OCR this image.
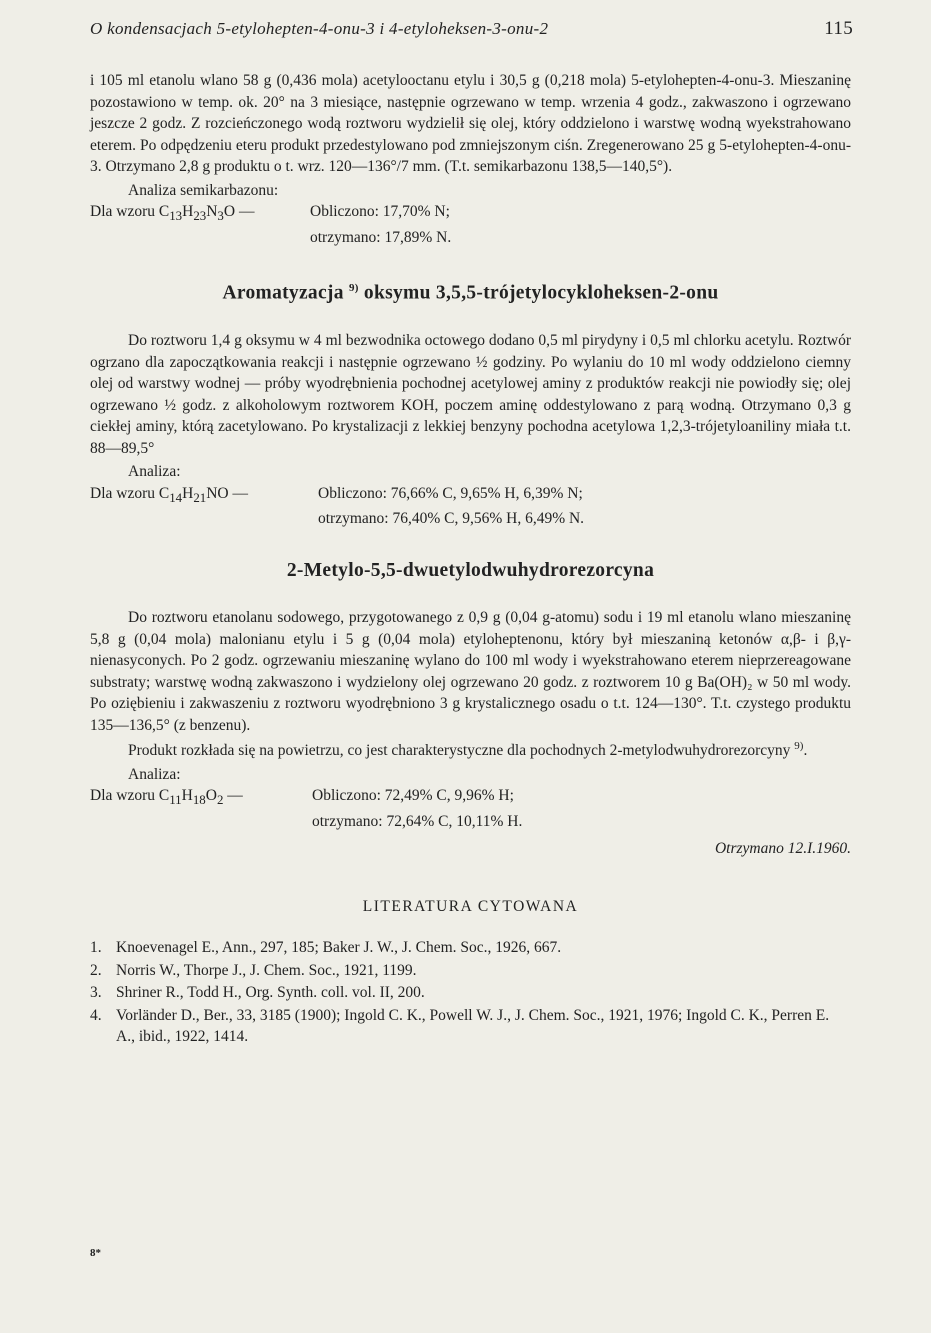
O kondensacjach 5-etylohepten-4-onu-3 i 4-etyloheksen-3-onu-2	115

i 105 ml etanolu wlano 58 g (0,436 mola) acetylooctanu etylu i 30,5 g (0,218 mola) 5-etylohepten-4-onu-3. Mieszaninę pozostawiono w temp. ok. 20° na 3 miesiące, następnie ogrzewano w temp. wrzenia 4 godz., zakwaszono i ogrzewano jeszcze 2 godz. Z rozcieńczonego wodą roztworu wydzielił się olej, który oddzielono i warstwę wodną wyekstrahowano eterem. Po odpędzeniu eteru produkt przedestylowano pod zmniejszonym ciśn. Zregenerowano 25 g 5-etylohepten-4-onu-3. Otrzymano 2,8 g produktu o t. wrz. 120—136°/7 mm. (T.t. semikarbazonu 138,5—140,5°).

Analiza semikarbazonu:
Dla wzoru $C_{13}H_{23}N_3O$ —	Obliczono: 17,70% N;
otrzymano: 17,89% N.
Aromatyzacja $^{9)}$ oksymu 3,5,5-trójetylocykloheksen-2-onu

Do roztworu 1,4 g oksymu w 4 ml bezwodnika octowego dodano 0,5 ml pirydyny i 0,5 ml chlorku acetylu. Roztwór ogrzano dla zapoczątkowania reakcji i następnie ogrzewano ½ godziny. Po wylaniu do 10 ml wody oddzielono ciemny olej od warstwy wodnej — próby wyodrębnienia pochodnej acetylowej aminy z produktów reakcji nie powiodły się; olej ogrzewano ½ godz. z alkoholowym roztworem KOH, poczem aminę oddestylowano z parą wodną. Otrzymano 0,3 g ciekłej aminy, którą zacetylowano. Po krystalizacji z lekkiej benzyny pochodna acetylowa 1,2,3-trójetyloaniliny miała t.t. 88—89,5°

Analiza:
Dla wzoru $C_{14}H_{21}NO$ —	Obliczono: 76,66% C, 9,65% H, 6,39% N;
otrzymano: 76,40% C, 9,56% H, 6,49% N.
2-Metylo-5,5-dwuetylodwuhydrorezorcyna

Do roztworu etanolanu sodowego, przygotowanego z 0,9 g (0,04 g-atomu) sodu i 19 ml etanolu wlano mieszaninę 5,8 g (0,04 mola) malonianu etylu i 5 g (0,04 mola) etyloheptenonu, który był mieszaniną ketonów α,β- i β,γ-nienasyconych. Po 2 godz. ogrzewaniu mieszaninę wylano do 100 ml wody i wyekstrahowano eterem nieprzereagowane substraty; warstwę wodną zakwaszono i wydzielony olej ogrzewano 20 godz. z roztworem 10 g Ba(OH)₂ w 50 ml wody. Po oziębieniu i zakwaszeniu z roztworu wyodrębniono 3 g krystalicznego osadu o t.t. 124—130°. T.t. czystego produktu 135—136,5° (z benzenu).

Produkt rozkłada się na powietrzu, co jest charakterystyczne dla pochodnych 2-metylodwuhydrorezorcyny $^{9)}$.

Analiza:
Dla wzoru $C_{11}H_{18}O_2$ —	Obliczono: 72,49% C, 9,96% H;
otrzymano: 72,64% C, 10,11% H.
Otrzymano 12.I.1960.
LITERATURA CYTOWANA
1. Knoevenagel E., Ann., 297, 185; Baker J. W., J. Chem. Soc., 1926, 667.
2. Norris W., Thorpe J., J. Chem. Soc., 1921, 1199.
3. Shriner R., Todd H., Org. Synth. coll. vol. II, 200.
4. Vorländer D., Ber., 33, 3185 (1900); Ingold C. K., Powell W. J., J. Chem. Soc., 1921, 1976; Ingold C. K., Perren E. A., ibid., 1922, 1414.
8*
